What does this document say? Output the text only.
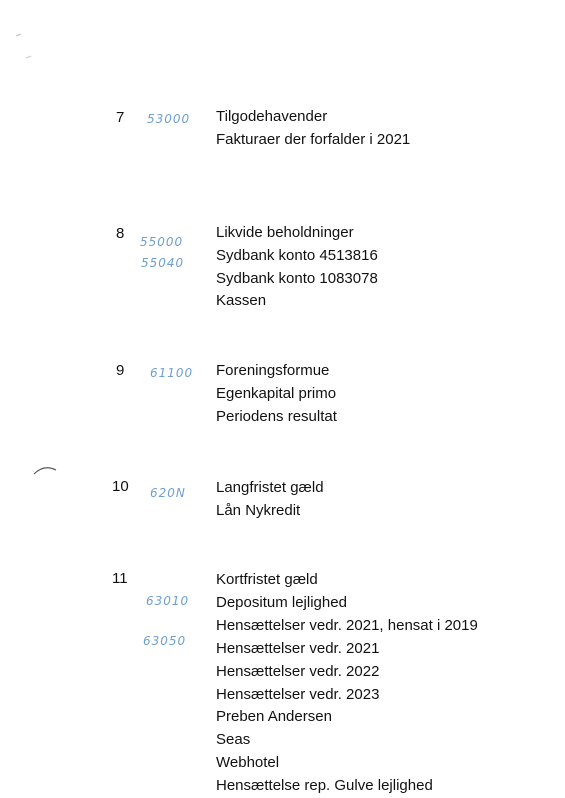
7 53000 Tilgodehavender
Fakturaer der forfalder i 2021
8 55000
55040
Likvide beholdninger
Sydbank konto 4513816
Sydbank konto 1083078
Kassen
9 61100 Foreningsformue
Egenkapital primo
Periodens resultat
10 620N Langfristet gæld
Lån Nykredit
11
63010
63050
Kortfristet gæld
Depositum lejlighed
Hensættelser vedr. 2021, hensat i 2019
Hensættelser vedr. 2021
Hensættelser vedr. 2022
Hensættelser vedr. 2023
Preben Andersen
Seas
Webhotel
Hensættelse rep. Gulve lejlighed
